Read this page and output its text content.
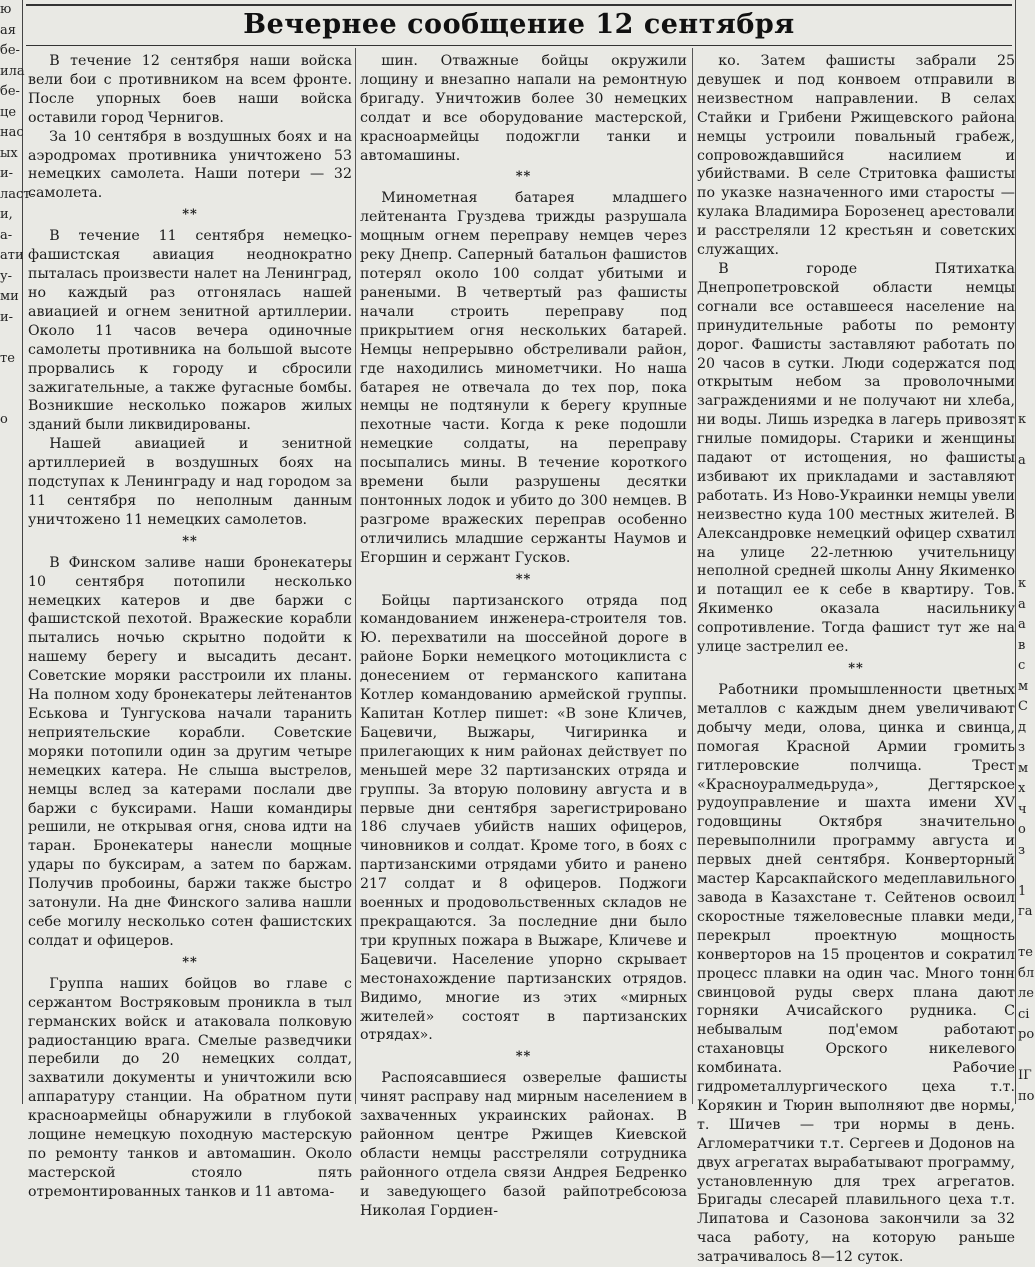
ю
ая
бе-
ила
бе-
це
нас
ых
и-
ласт-
и,
а-
ати
у-
ми
и-

те

о

	к

а

к
а
а
в
с
м
С
д
з
м
х
ч
о
з

1
га

те
бл
ле
сі
ро

ІГ
по
Вечернее сообщение 12 сентября

В течение 12 сентября наши войска вели бои с противником на всем фронте. После упорных боев наши войска оставили город Чернигов.

За 10 сентября в воздушных боях и на аэродромах противника уничтожено 53 немецких самолета. Наши потери — 32 самолета.

**

В течение 11 сентября немецко-фашистская авиация неоднократно пыталась произвести налет на Ленинград, но каждый раз отгонялась нашей авиацией и огнем зенитной артиллерии. Около 11 часов вечера одиночные самолеты противника на большой высоте прорвались к городу и сбросили зажигательные, а также фугасные бомбы. Возникшие несколько пожаров жилых зданий были ликвидированы.

Нашей авиацией и зенитной артиллерией в воздушных боях на подступах к Ленинграду и над городом за 11 сентября по неполным данным уничтожено 11 немецких самолетов.

**

В Финском заливе наши бронекатеры 10 сентября потопили несколько немецких катеров и две баржи с фашистской пехотой. Вражеские корабли пытались ночью скрытно подойти к нашему берегу и высадить десант. Советские моряки расстроили их планы. На полном ходу бронекатеры лейтенантов Еськова и Тунгускова начали таранить неприятельские корабли. Советские моряки потопили один за другим четыре немецких катера. Не слыша выстрелов, немцы вслед за катерами послали две баржи с буксирами. Наши командиры решили, не открывая огня, снова идти на таран. Бронекатеры нанесли мощные удары по буксирам, а затем по баржам. Получив пробоины, баржи также быстро затонули. На дне Финского залива нашли себе могилу несколько сотен фашистских солдат и офицеров.

**

Группа наших бойцов во главе с сержантом Востряковым проникла в тыл германских войск и атаковала полковую радиостанцию врага. Смелые разведчики перебили до 20 немецких солдат, захватили документы и уничтожили всю аппаратуру станции. На обратном пути красноармейцы обнаружили в глубокой лощине немецкую походную мастерскую по ремонту танков и автомашин. Около мастерской стояло пять отремонтированных танков и 11 автома-

шин. Отважные бойцы окружили лощину и внезапно напали на ремонтную бригаду. Уничтожив более 30 немецких солдат и все оборудование мастерской, красноармейцы подожгли танки и автомашины.

**

Минометная батарея младшего лейтенанта Груздева трижды разрушала мощным огнем переправу немцев через реку Днепр. Саперный батальон фашистов потерял около 100 солдат убитыми и ранеными. В четвертый раз фашисты начали строить переправу под прикрытием огня нескольких батарей. Немцы непрерывно обстреливали район, где находились минометчики. Но наша батарея не отвечала до тех пор, пока немцы не подтянули к берегу крупные пехотные части. Когда к реке подошли немецкие солдаты, на переправу посыпались мины. В течение короткого времени были разрушены десятки понтонных лодок и убито до 300 немцев. В разгроме вражеских переправ особенно отличились младшие сержанты Наумов и Егоршин и сержант Гусков.

**

Бойцы партизанского отряда под командованием инженера-строителя тов. Ю. перехватили на шоссейной дороге в районе Борки немецкого мотоциклиста с донесением от германского капитана Котлер командованию армейской группы. Капитан Котлер пишет: «В зоне Кличев, Бацевичи, Выжары, Чигиринка и прилегающих к ним районах действует по меньшей мере 32 партизанских отряда и группы. За вторую половину августа и в первые дни сентября зарегистрировано 186 случаев убийств наших офицеров, чиновников и солдат. Кроме того, в боях с партизанскими отрядами убито и ранено 217 солдат и 8 офицеров. Поджоги военных и продовольственных складов не прекращаются. За последние дни было три крупных пожара в Выжаре, Кличеве и Бацевичи. Население упорно скрывает местонахождение партизанских отрядов. Видимо, многие из этих «мирных жителей» состоят в партизанских отрядах».

**

Распоясавшиеся озверелые фашисты чинят расправу над мирным населением в захваченных украинских районах. В районном центре Ржищев Киевской области немцы расстреляли сотрудника районного отдела связи Андрея Бедренко и заведующего базой райпотребсоюза Николая Гордиен-

ко. Затем фашисты забрали 25 девушек и под конвоем отправили в неизвестном направлении. В селах Стайки и Грибени Ржищевского района немцы устроили повальный грабеж, сопровождавшийся насилием и убийствами. В селе Стритовка фашисты по указке назначенного ими старосты — кулака Владимира Борозенец арестовали и расстреляли 12 крестьян и советских служащих.

В городе Пятихатка Днепропетровской области немцы согнали все оставшееся население на принудительные работы по ремонту дорог. Фашисты заставляют работать по 20 часов в сутки. Люди содержатся под открытым небом за проволочными заграждениями и не получают ни хлеба, ни воды. Лишь изредка в лагерь привозят гнилые помидоры. Старики и женщины падают от истощения, но фашисты избивают их прикладами и заставляют работать. Из Ново-Украинки немцы увели неизвестно куда 100 местных жителей. В Александровке немецкий офицер схватил на улице 22-летнюю учительницу неполной средней школы Анну Якименко и потащил ее к себе в квартиру. Тов. Якименко оказала насильнику сопротивление. Тогда фашист тут же на улице застрелил ее.

**

Работники промышленности цветных металлов с каждым днем увеличивают добычу меди, олова, цинка и свинца, помогая Красной Армии громить гитлеровские полчища. Трест «Красноуралмедьруда», Дегтярское рудоуправление и шахта имени XV годовщины Октября значительно перевыполнили программу августа и первых дней сентября. Конверторный мастер Карсакпайского медеплавильного завода в Казахстане т. Сейтенов освоил скоростные тяжеловесные плавки меди, перекрыл проектную мощность конверторов на 15 процентов и сократил процесс плавки на один час. Много тонн свинцовой руды сверх плана дают горняки Ачисайского рудника. С небывалым под'емом работают стахановцы Орского никелевого комбината. Рабочие гидрометаллургического цеха т.т. Корякин и Тюрин выполняют две нормы, т. Шичев — три нормы в день. Агломератчики т.т. Сергеев и Додонов на двух агрегатах вырабатывают программу, установленную для трех агрегатов. Бригады слесарей плавильного цеха т.т. Липатова и Сазонова закончили за 32 часа работу, на которую раньше затрачивалось 8—12 суток.
